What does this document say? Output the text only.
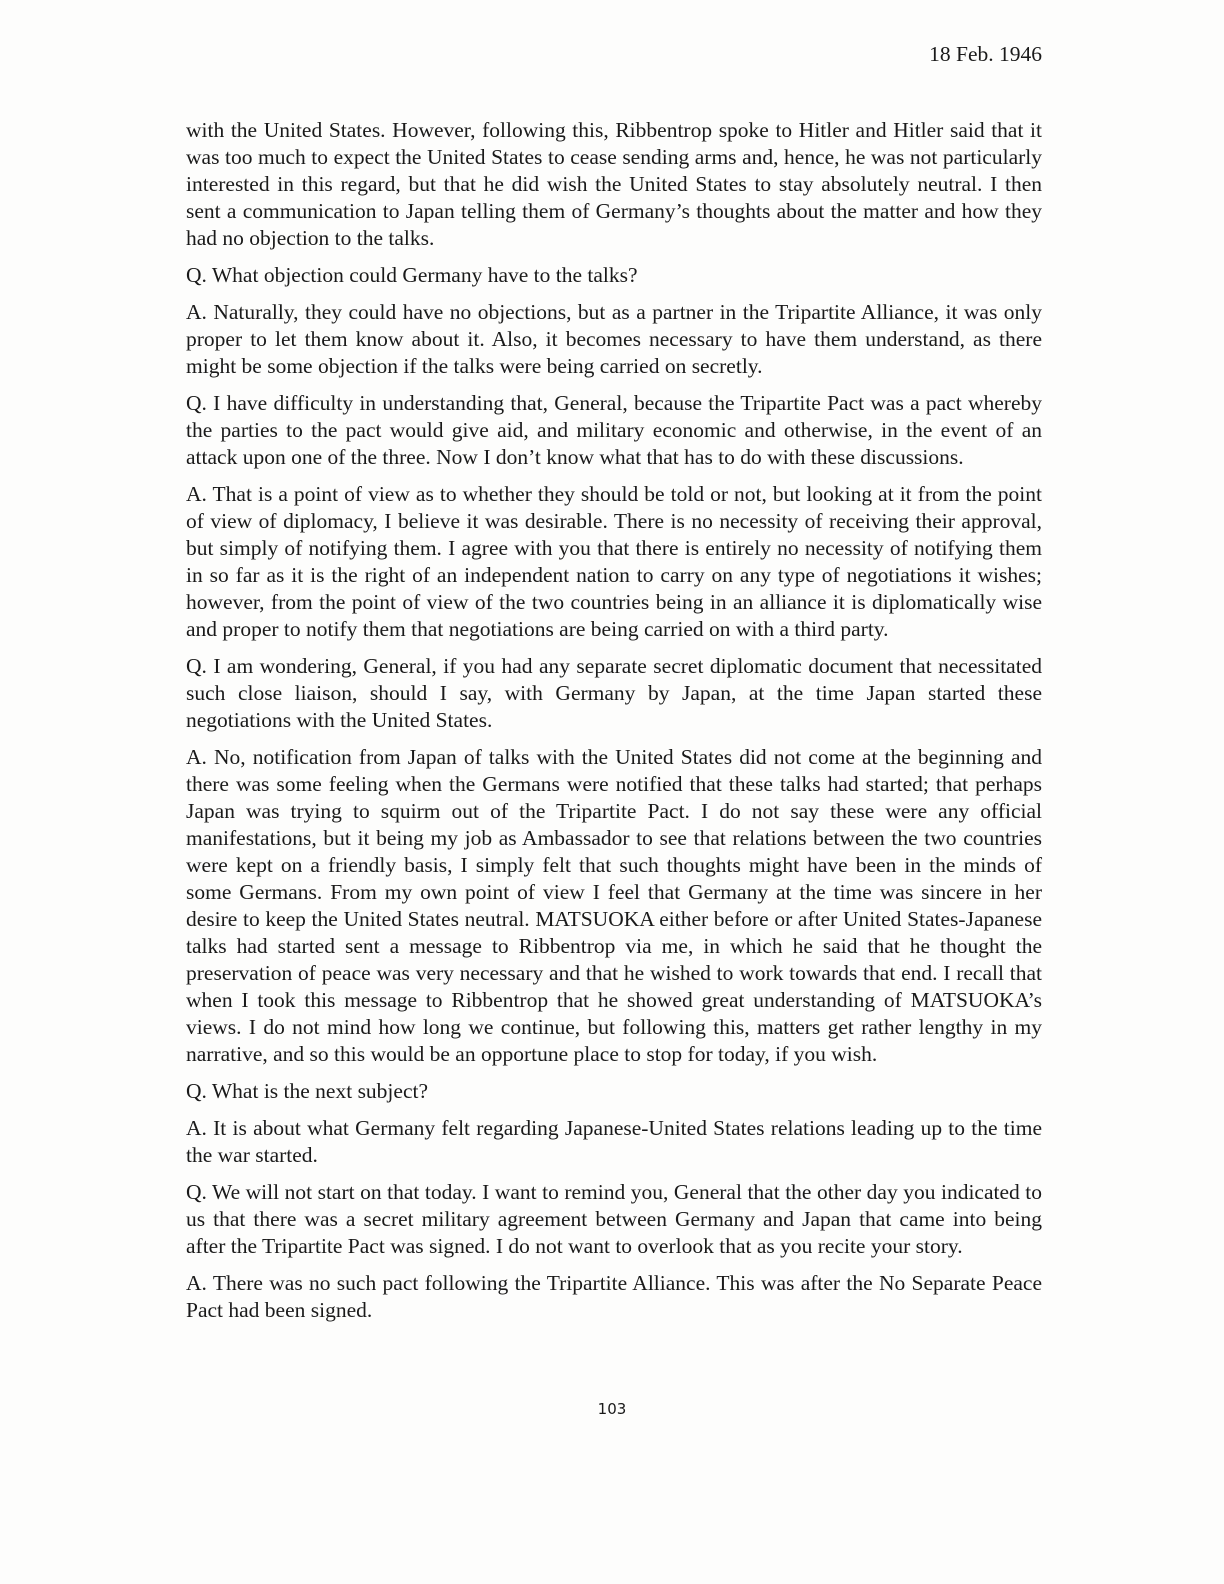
18 Feb. 1946

with the United States. However, following this, Ribbentrop spoke to Hitler and Hitler said that it was too much to expect the United States to cease sending arms and, hence, he was not particularly interested in this regard, but that he did wish the United States to stay absolutely neutral. I then sent a communication to Japan telling them of Germany’s thoughts about the matter and how they had no objection to the talks.

Q. What objection could Germany have to the talks?

A. Naturally, they could have no objections, but as a partner in the Tripartite Alliance, it was only proper to let them know about it. Also, it becomes necessary to have them understand, as there might be some objection if the talks were being carried on secretly.

Q. I have difficulty in understanding that, General, because the Tripartite Pact was a pact whereby the parties to the pact would give aid, and military economic and otherwise, in the event of an attack upon one of the three. Now I don’t know what that has to do with these discussions.

A. That is a point of view as to whether they should be told or not, but looking at it from the point of view of diplomacy, I believe it was desirable. There is no necessity of receiving their approval, but simply of notifying them. I agree with you that there is entirely no necessity of notifying them in so far as it is the right of an independent nation to carry on any type of negotiations it wishes; however, from the point of view of the two countries being in an alliance it is diplomatically wise and proper to notify them that negotiations are being carried on with a third party.

Q. I am wondering, General, if you had any separate secret diplomatic document that necessitated such close liaison, should I say, with Germany by Japan, at the time Japan started these negotiations with the United States.

A. No, notification from Japan of talks with the United States did not come at the beginning and there was some feeling when the Germans were notified that these talks had started; that perhaps Japan was trying to squirm out of the Tripartite Pact. I do not say these were any official manifestations, but it being my job as Ambassador to see that relations between the two countries were kept on a friendly basis, I simply felt that such thoughts might have been in the minds of some Germans. From my own point of view I feel that Germany at the time was sincere in her desire to keep the United States neutral. MATSUOKA either before or after United States-Japanese talks had started sent a message to Ribbentrop via me, in which he said that he thought the preservation of peace was very necessary and that he wished to work towards that end. I recall that when I took this message to Ribbentrop that he showed great understanding of MATSUOKA’s views. I do not mind how long we continue, but following this, matters get rather lengthy in my narrative, and so this would be an opportune place to stop for today, if you wish.

Q. What is the next subject?

A. It is about what Germany felt regarding Japanese-United States relations leading up to the time the war started.

Q. We will not start on that today. I want to remind you, General that the other day you indicated to us that there was a secret military agreement between Germany and Japan that came into being after the Tripartite Pact was signed. I do not want to overlook that as you recite your story.

A. There was no such pact following the Tripartite Alliance. This was after the No Separate Peace Pact had been signed.

103
